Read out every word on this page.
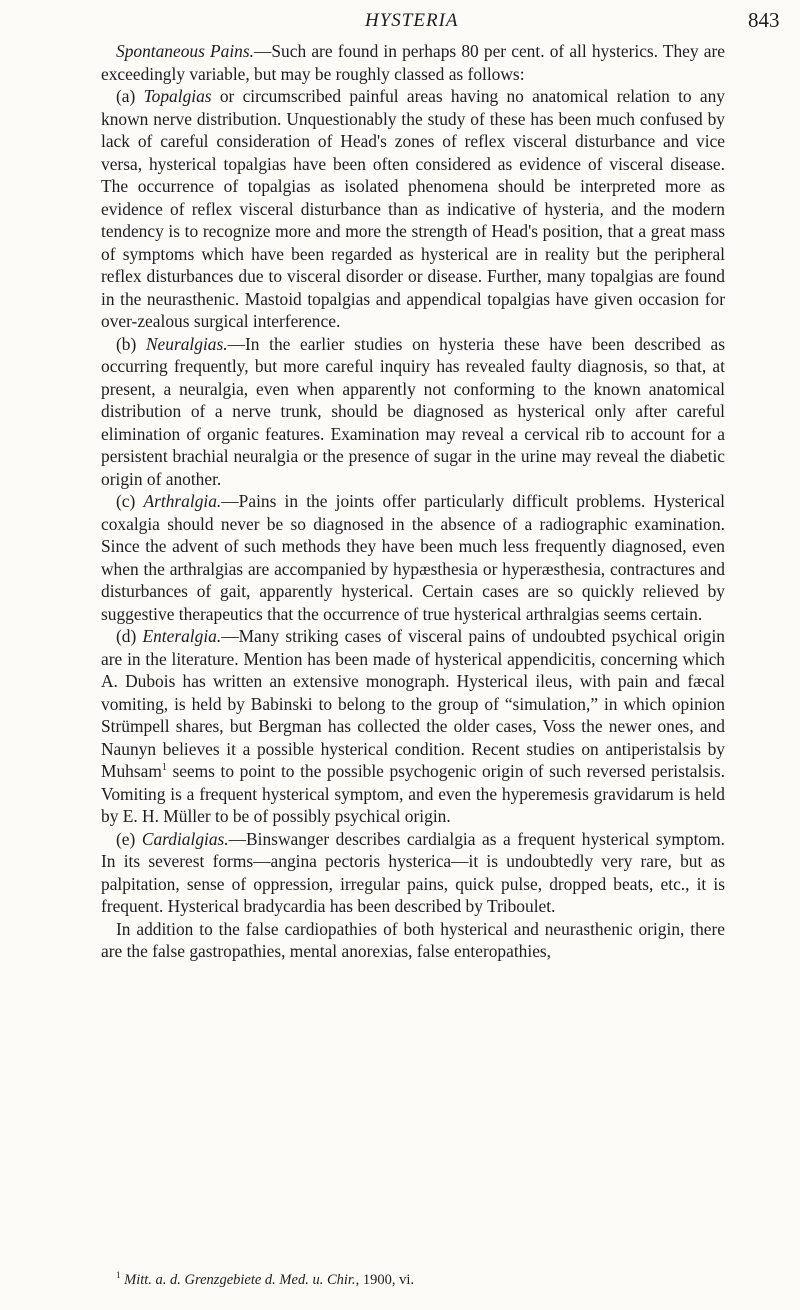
HYSTERIA	843

Spontaneous Pains.—Such are found in perhaps 80 per cent. of all hysterics. They are exceedingly variable, but may be roughly classed as follows:

(a) Topalgias or circumscribed painful areas having no anatomical relation to any known nerve distribution. Unquestionably the study of these has been much confused by lack of careful consideration of Head's zones of reflex visceral disturbance and vice versa, hysterical topalgias have been often considered as evidence of visceral disease. The occurrence of topalgias as isolated phenomena should be interpreted more as evidence of reflex visceral disturbance than as indicative of hysteria, and the modern tendency is to recognize more and more the strength of Head's position, that a great mass of symptoms which have been regarded as hysterical are in reality but the peripheral reflex disturbances due to visceral disorder or disease. Further, many topalgias are found in the neurasthenic. Mastoid topalgias and appendical topalgias have given occasion for over-zealous surgical interference.

(b) Neuralgias.—In the earlier studies on hysteria these have been described as occurring frequently, but more careful inquiry has revealed faulty diagnosis, so that, at present, a neuralgia, even when apparently not conforming to the known anatomical distribution of a nerve trunk, should be diagnosed as hysterical only after careful elimination of organic features. Examination may reveal a cervical rib to account for a persistent brachial neuralgia or the presence of sugar in the urine may reveal the diabetic origin of another.

(c) Arthralgia.—Pains in the joints offer particularly difficult problems. Hysterical coxalgia should never be so diagnosed in the absence of a radiographic examination. Since the advent of such methods they have been much less frequently diagnosed, even when the arthralgias are accompanied by hypæsthesia or hyperæsthesia, contractures and disturbances of gait, apparently hysterical. Certain cases are so quickly relieved by suggestive therapeutics that the occurrence of true hysterical arthralgias seems certain.

(d) Enteralgia.—Many striking cases of visceral pains of undoubted psychical origin are in the literature. Mention has been made of hysterical appendicitis, concerning which A. Dubois has written an extensive monograph. Hysterical ileus, with pain and fæcal vomiting, is held by Babinski to belong to the group of “simulation,” in which opinion Strümpell shares, but Bergman has collected the older cases, Voss the newer ones, and Naunyn believes it a possible hysterical condition. Recent studies on antiperistalsis by Muhsam$^1$ seems to point to the possible psychogenic origin of such reversed peristalsis. Vomiting is a frequent hysterical symptom, and even the hyperemesis gravidarum is held by E. H. Müller to be of possibly psychical origin.

(e) Cardialgias.—Binswanger describes cardialgia as a frequent hysterical symptom. In its severest forms—angina pectoris hysterica—it is undoubtedly very rare, but as palpitation, sense of oppression, irregular pains, quick pulse, dropped beats, etc., it is frequent. Hysterical bradycardia has been described by Triboulet.

In addition to the false cardiopathies of both hysterical and neurasthenic origin, there are the false gastropathies, mental anorexias, false enteropathies,

$^1$ Mitt. a. d. Grenzgebiete d. Med. u. Chir., 1900, vi.
